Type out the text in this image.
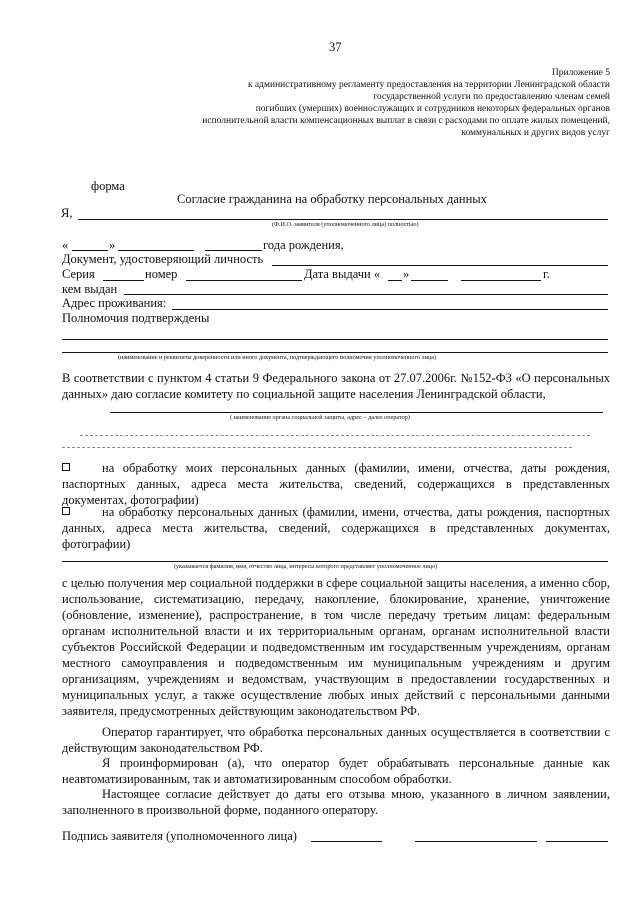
37
Приложение 5
к административному регламенту предоставления на территории Ленинградской области
государственной услуги по предоставлению членам семей
погибших (умерших) военнослужащих и сотрудников некоторых федеральных органов
исполнительной власти компенсационных выплат в связи с расходами по оплате жилых помещений,
коммунальных и других видов услуг
форма
Согласие гражданина на обработку персональных данных
Я,
(Ф.И.О. заявителя (уполномоченного лица) полностью)
«	»	года рождения,
Документ, удостоверяющий личность
Серия	номер	Дата выдачи « »	г.
кем выдан
Адрес проживания:
Полномочия подтверждены
(наименование и реквизиты доверенности или иного документа, подтверждающего полномочия уполномоченного лица)
В соответствии с пунктом 4 статьи 9 Федерального закона от 27.07.2006г. №152-ФЗ «О персональных данных» даю согласие комитету по социальной защите населения Ленинградской области,
( наименование органа социальной защиты, адрес – далее оператор)
на обработку моих персональных данных (фамилии, имени, отчества, даты рождения, паспортных данных, адреса места жительства, сведений, содержащихся в представленных документах, фотографии)
на обработку персональных данных (фамилии, имени, отчества, даты рождения, паспортных данных, адреса места жительства, сведений, содержащихся в представленных документах, фотографии)
(указывается фамилия, имя, отчество лица, интересы которого представляет уполномоченное лицо)
с целью получения мер социальной поддержки в сфере социальной защиты населения, а именно сбор, использование, систематизацию, передачу, накопление, блокирование, хранение, уничтожение (обновление, изменение), распространение, в том числе передачу третьим лицам: федеральным органам исполнительной власти и их территориальным органам, органам исполнительной власти субъектов Российской Федерации и подведомственным им государственным учреждениям, органам местного самоуправления и подведомственным им муниципальным учреждениям и другим организациям, учреждениям и ведомствам, участвующим в предоставлении государственных и муниципальных услуг, а также осуществление любых иных действий с персональными данными заявителя, предусмотренных действующим законодательством РФ.
Оператор гарантирует, что обработка персональных данных осуществляется в соответствии с действующим законодательством РФ.
Я проинформирован (а), что оператор будет обрабатывать персональные данные как неавтоматизированным, так и автоматизированным способом обработки.
Настоящее согласие действует до даты его отзыва мною, указанного в личном заявлении, заполненного в произвольной форме, поданного оператору.
Подпись заявителя (уполномоченного лица)
